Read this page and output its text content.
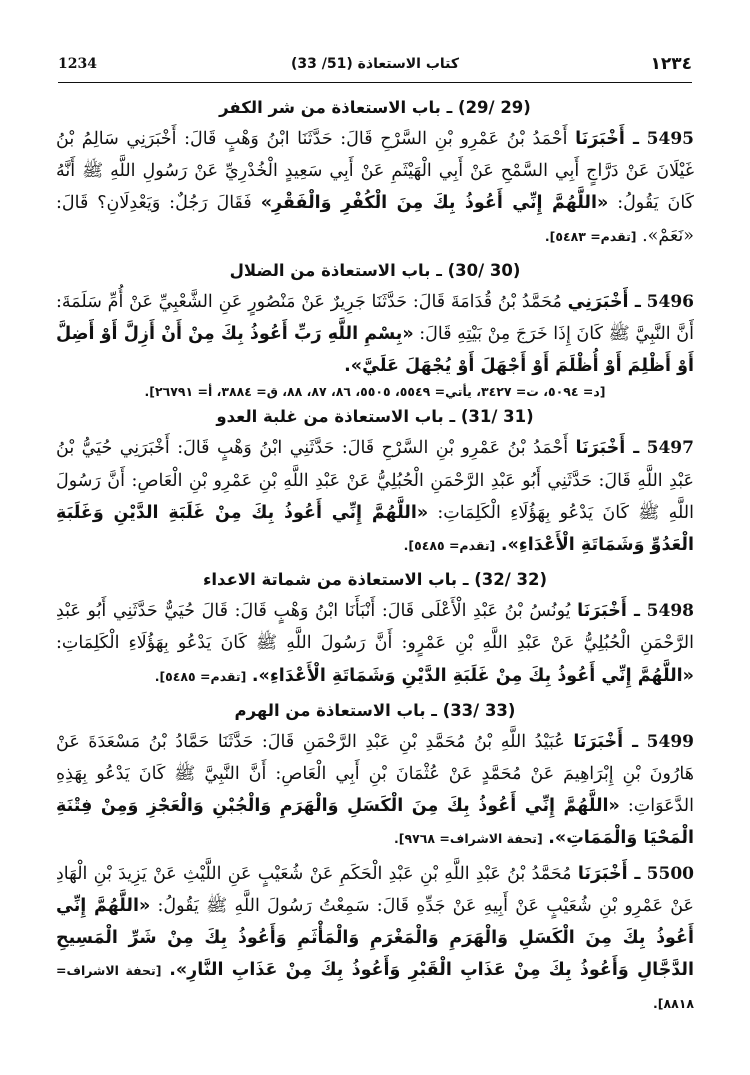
1234	كتاب الاستعاذة (51/ 33)	١٢٣٤
(29 /29) ـ باب الاستعاذة من شر الكفر

5495 ـ أَخْبَرَنَا أَحْمَدُ بْنُ عَمْرِو بْنِ السَّرْحِ قَالَ: حَدَّثَنَا ابْنُ وَهْبٍ قَالَ: أَخْبَرَنِي سَالِمُ بْنُ غَيْلَانَ عَنْ دَرَّاجٍ أَبِي السَّمْحِ عَنْ أَبِي الْهَيْثَمِ عَنْ أَبِي سَعِيدٍ الْخُدْرِيِّ عَنْ رَسُولِ اللَّهِ ﷺ أَنَّهُ كَانَ يَقُولُ: «اللَّهُمَّ إِنِّي أَعُوذُ بِكَ مِنَ الْكُفْرِ وَالْفَقْرِ» فَقَالَ رَجُلٌ: وَيَعْدِلَانِ؟ قَالَ: «نَعَمْ». [تقدم= ٥٤٨٣].

(30 /30) ـ باب الاستعاذة من الضلال

5496 ـ أَخْبَرَنِي مُحَمَّدُ بْنُ قُدَامَةَ قَالَ: حَدَّثَنَا جَرِيرٌ عَنْ مَنْصُورٍ عَنِ الشَّعْبِيِّ عَنْ أُمِّ سَلَمَةَ: أَنَّ النَّبِيَّ ﷺ كَانَ إِذَا خَرَجَ مِنْ بَيْتِهِ قَالَ: «بِسْمِ اللَّهِ رَبِّ أَعُوذُ بِكَ مِنْ أَنْ أَزِلَّ أَوْ أَضِلَّ أَوْ أَظْلِمَ أَوْ أُظْلَمَ أَوْ أَجْهَلَ أَوْ يُجْهَلَ عَلَيَّ».

[د= ٥٠٩٤، ت= ٣٤٢٧، يأتي= ٥٥٤٩، ٥٥٠٥، ٨٦، ٨٧، ٨٨، ق= ٣٨٨٤، أ= ٢٦٧٩١].
(31 /31) ـ باب الاستعاذة من غلبة العدو

5497 ـ أَخْبَرَنَا أَحْمَدُ بْنُ عَمْرِو بْنِ السَّرْحِ قَالَ: حَدَّثَنِي ابْنُ وَهْبٍ قَالَ: أَخْبَرَنِي حُيَيُّ بْنُ عَبْدِ اللَّهِ قَالَ: حَدَّثَنِي أَبُو عَبْدِ الرَّحْمَنِ الْحُبُلِيُّ عَنْ عَبْدِ اللَّهِ بْنِ عَمْرِو بْنِ الْعَاصِ: أَنَّ رَسُولَ اللَّهِ ﷺ كَانَ يَدْعُو بِهَؤُلَاءِ الْكَلِمَاتِ: «اللَّهُمَّ إِنِّي أَعُوذُ بِكَ مِنْ غَلَبَةِ الدَّيْنِ وَغَلَبَةِ الْعَدُوِّ وَشَمَاتَةِ الْأَعْدَاءِ». [تقدم= ٥٤٨٥].

(32 /32) ـ باب الاستعاذة من شماتة الاعداء

5498 ـ أَخْبَرَنَا يُونُسُ بْنُ عَبْدِ الْأَعْلَى قَالَ: أَنْبَأَنَا ابْنُ وَهْبٍ قَالَ: قَالَ حُيَيٌّ حَدَّثَنِي أَبُو عَبْدِ الرَّحْمَنِ الْحُبُلِيُّ عَنْ عَبْدِ اللَّهِ بْنِ عَمْرٍو: أَنَّ رَسُولَ اللَّهِ ﷺ كَانَ يَدْعُو بِهَؤُلَاءِ الْكَلِمَاتِ: «اللَّهُمَّ إِنِّي أَعُوذُ بِكَ مِنْ غَلَبَةِ الدَّيْنِ وَشَمَاتَةِ الْأَعْدَاءِ». [تقدم= ٥٤٨٥].

(33 /33) ـ باب الاستعاذة من الهرم

5499 ـ أَخْبَرَنَا عُبَيْدُ اللَّهِ بْنُ مُحَمَّدِ بْنِ عَبْدِ الرَّحْمَنِ قَالَ: حَدَّثَنَا حَمَّادُ بْنُ مَسْعَدَةَ عَنْ هَارُونَ بْنِ إِبْرَاهِيمَ عَنْ مُحَمَّدٍ عَنْ عُثْمَانَ بْنِ أَبِي الْعَاصِ: أَنَّ النَّبِيَّ ﷺ كَانَ يَدْعُو بِهَذِهِ الدَّعَوَاتِ: «اللَّهُمَّ إِنِّي أَعُوذُ بِكَ مِنَ الْكَسَلِ وَالْهَرَمِ وَالْجُبْنِ وَالْعَجْزِ وَمِنْ فِتْنَةِ الْمَحْيَا وَالْمَمَاتِ». [تحفة الاشراف= ٩٧٦٨].

5500 ـ أَخْبَرَنَا مُحَمَّدُ بْنُ عَبْدِ اللَّهِ بْنِ عَبْدِ الْحَكَمِ عَنْ شُعَيْبٍ عَنِ اللَّيْثِ عَنْ يَزِيدَ بْنِ الْهَادِ عَنْ عَمْرِو بْنِ شُعَيْبٍ عَنْ أَبِيهِ عَنْ جَدِّهِ قَالَ: سَمِعْتُ رَسُولَ اللَّهِ ﷺ يَقُولُ: «اللَّهُمَّ إِنِّي أَعُوذُ بِكَ مِنَ الْكَسَلِ وَالْهَرَمِ وَالْمَغْرَمِ وَالْمَأْثَمِ وَأَعُوذُ بِكَ مِنْ شَرِّ الْمَسِيحِ الدَّجَّالِ وَأَعُوذُ بِكَ مِنْ عَذَابِ الْقَبْرِ وَأَعُوذُ بِكَ مِنْ عَذَابِ النَّارِ». [تحفة الاشراف= ٨٨١٨].
